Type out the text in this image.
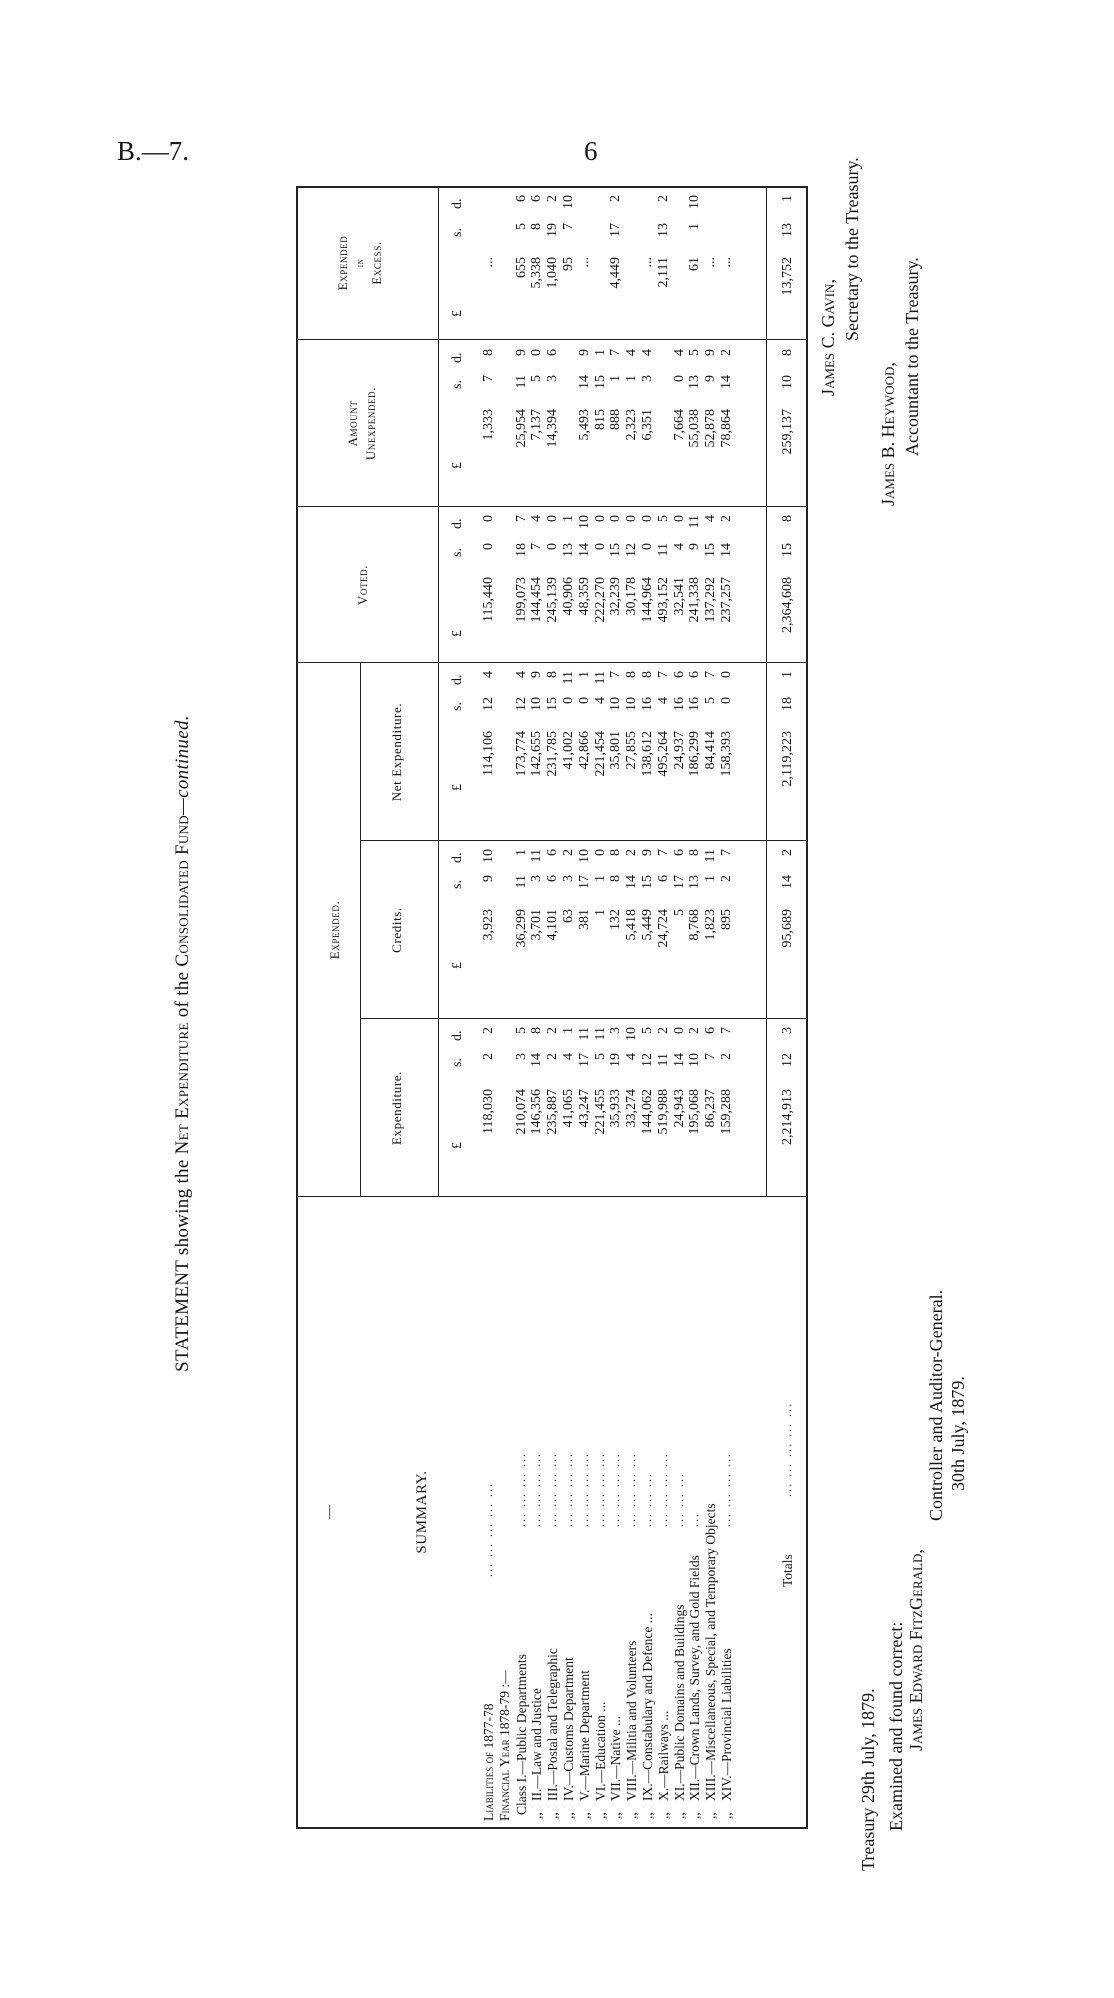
B.—7.	6
STATEMENT showing the Net Expenditure of the Consolidated Fund—continued.
—	SUMMARY.
Expended.
Expenditure.
Credits.
Net Expenditure.
Voted.
Amount Unexpended.
Expended in Excess.
£
s.
d.
£
s.
d.
£
s.
d.
£
s.
d.
£
s.
d.
£
s.
d.
Liabilities of 1877-78
... ... ... ... ...
118,030
2
2
3,923
9
10
114,106
12
4
115,440
0
0
1,333
7
8
...
Financial Year 1878-79 :— Class I.—Public Departments
... ... ... ...
210,074
3
5
36,299
11
1
173,774
12
4
199,073
18
7
25,954
11
9
655
5
6
,,
II.—Law and Justice
... ... ... ...
146,356
14
8
3,701
3
11
142,655
10
9
144,454
7
4
7,137
5
0
5,338
8
6
,,
III.—Postal and Telegraphic
... ... ... ...
235,887
2
2
4,101
6
6
231,785
15
8
245,139
0
0
14,394
3
6
1,040
19
2
,,
IV.—Customs Department
... ... ... ...
41,065
4
1
63
3
2
41,002
0
11
40,906
13
1
95
7
10
,,
V.—Marine Department
... ... ... ...
43,247
17
11
381
17
10
42,866
0
1
48,359
14
10
5,493
14
9
...
,,
VI.—Education ...
... ... ... ...
221,455
5
11
1
1
0
221,454
4
11
222,270
0
0
815
15
1
,,
VII.—Native ...
... ... ... ...
35,933
19
3
132
8
8
35,801
10
7
32,239
15
0
888
1
7
4,449
17
2
,,
VIII.—Militia and Volunteers
... ... ... ...
33,274
4
10
5,418
14
2
27,855
10
8
30,178
12
0
2,323
1
4
,,
IX.—Constabulary and Defence ...
... ... ...
144,062
12
5
5,449
15
9
138,612
16
8
144,964
0
0
6,351
3
4
...
,,
X.—Railways ...
... ... ... ...
519,988
11
2
24,724
6
7
495,264
4
7
493,152
11
5
2,111
13
2
,,
XI.—Public Domains and Buildings
... ... ...
24,943
14
0
5
17
6
24,937
16
6
32,541
4
0
7,664
0
4
,,
XII.—Crown Lands, Survey, and Gold Fields
...
195,068
10
2
8,768
13
8
186,299
16
6
241,338
9
11
55,038
13
5
61
1
10
,,
XIII.—Miscellaneous, Special, and Temporary Objects
86,237
7
6
1,823
1
11
84,414
5
7
137,292
15
4
52,878
9
9
...
,,
XIV.—Provincial Liabilities
... ... ... ...
159,288
2
7
895
2
7
158,393
0
0
237,257
14
2
78,864
14
2
...
Totals
... ... ... ... ...
2,214,913
12
3
95,689
14
2
2,119,223
18
1
2,364,608
15
8
259,137
10
8
13,752
13
1
Treasury 29th July, 1879. Examined and found correct: James Edward FitzGerald,
Controller and Auditor-General. 30th July, 1879.
James C. Gavin, Secretary to the Treasury.
James B. Heywood, Accountant to the Treasury.
